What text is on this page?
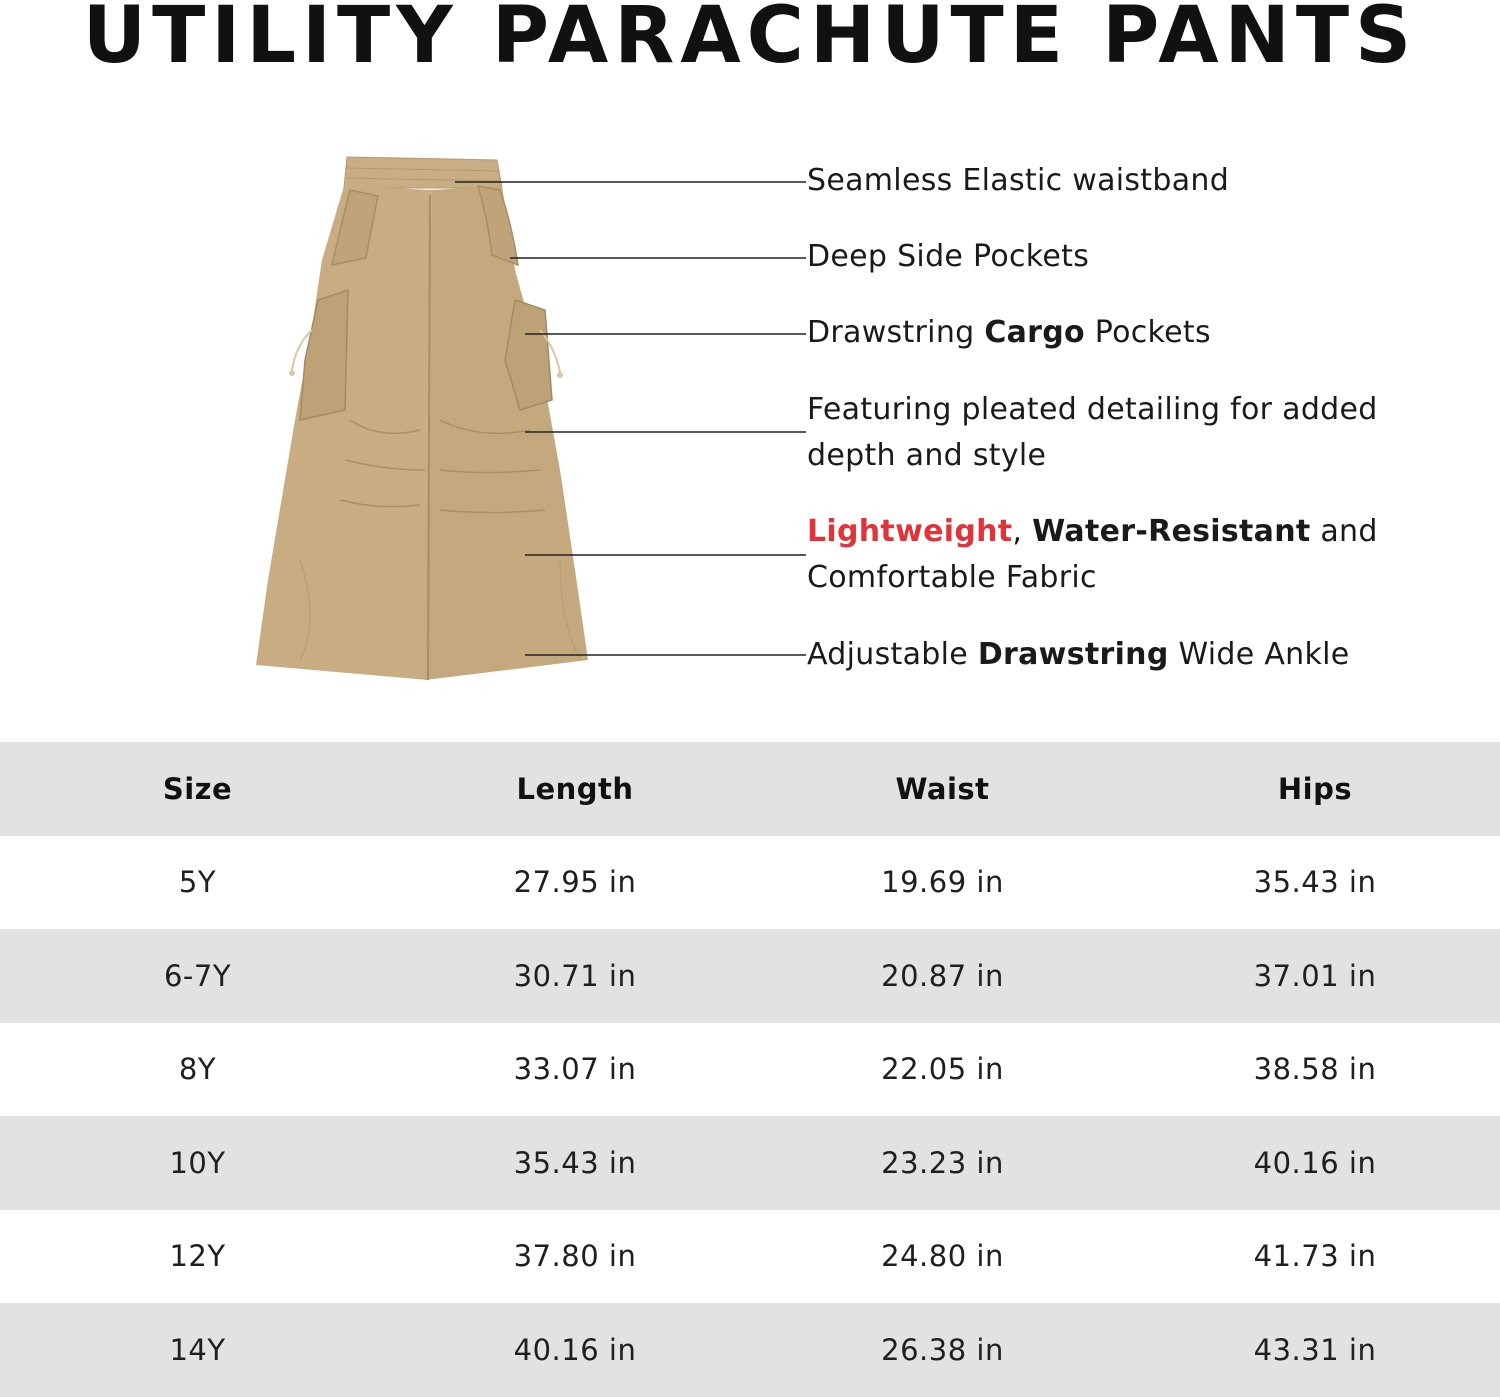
UTILITY PARACHUTE PANTS
Seamless Elastic waistband
Deep Side Pockets
Drawstring Cargo Pockets
Featuring pleated detailing for added
depth and style
Lightweight, Water-Resistant and
Comfortable Fabric
Adjustable Drawstring Wide Ankle
Size	Length	Waist	Hips
5Y	27.95 in	19.69 in	35.43 in
6-7Y	30.71 in	20.87 in	37.01 in
8Y	33.07 in	22.05 in	38.58 in
10Y	35.43 in	23.23 in	40.16 in
12Y	37.80 in	24.80 in	41.73 in
14Y	40.16 in	26.38 in	43.31 in
